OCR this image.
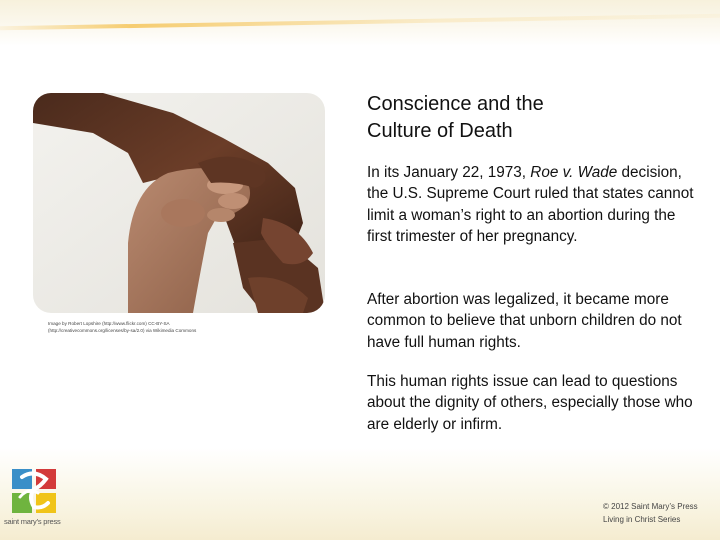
Image by Robert Lopshire (http://www.flickr.com) CC-BY-SA
(http://creativecommons.org/licenses/by-sa/2.0) via Wikimedia Commons
Conscience and the
Culture of Death

In its January 22, 1973, Roe v. Wade decision, the U.S. Supreme Court ruled that states cannot limit a woman’s right to an abortion during the first trimester of her pregnancy.

After abortion was legalized, it became more common to believe that unborn children do not have full human rights.

This human rights issue can lead to questions about the dignity of others, especially those who are elderly or infirm.

saint mary's press
© 2012 Saint Mary’s Press
Living in Christ Series
